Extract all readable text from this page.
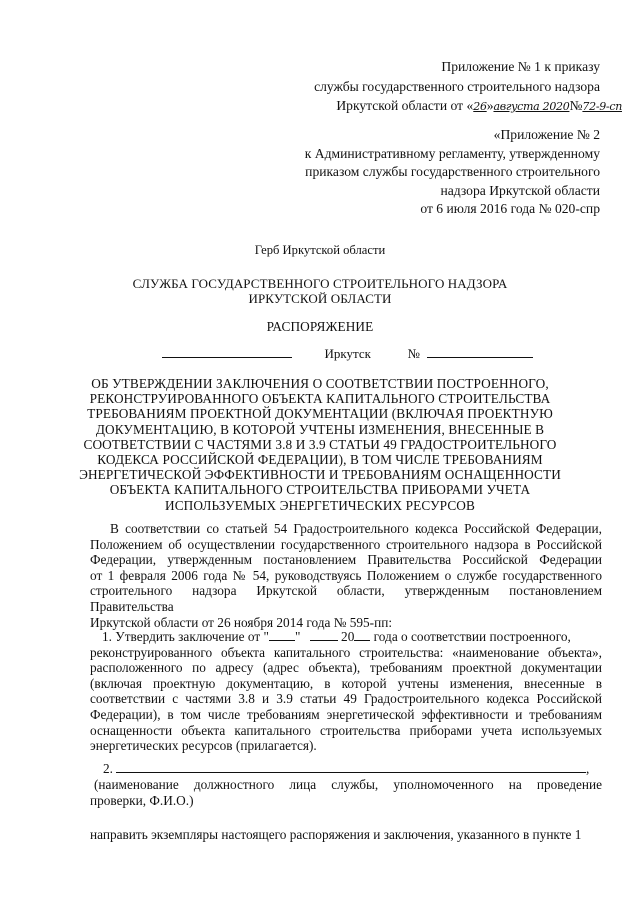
Приложение № 1 к приказу
службы государственного строительного надзора
Иркутской области от «26»августа 2020№72-9-сп
«Приложение № 2
к Административному регламенту, утвержденному
приказом службы государственного строительного
надзора Иркутской области
от 6 июля 2016 года № 020-спр
Герб Иркутской области
СЛУЖБА ГОСУДАРСТВЕННОГО СТРОИТЕЛЬНОГО НАДЗОРА
ИРКУТСКОЙ ОБЛАСТИ
РАСПОРЯЖЕНИЕ
Иркутск	№
ОБ УТВЕРЖДЕНИИ ЗАКЛЮЧЕНИЯ О СООТВЕТСТВИИ ПОСТРОЕННОГО,
РЕКОНСТРУИРОВАННОГО ОБЪЕКТА КАПИТАЛЬНОГО СТРОИТЕЛЬСТВА
ТРЕБОВАНИЯМ ПРОЕКТНОЙ ДОКУМЕНТАЦИИ (ВКЛЮЧАЯ ПРОЕКТНУЮ
ДОКУМЕНТАЦИЮ, В КОТОРОЙ УЧТЕНЫ ИЗМЕНЕНИЯ, ВНЕСЕННЫЕ В
СООТВЕТСТВИИ С ЧАСТЯМИ 3.8 И 3.9 СТАТЬИ 49 ГРАДОСТРОИТЕЛЬНОГО
КОДЕКСА РОССИЙСКОЙ ФЕДЕРАЦИИ), В ТОМ ЧИСЛЕ ТРЕБОВАНИЯМ
ЭНЕРГЕТИЧЕСКОЙ ЭФФЕКТИВНОСТИ И ТРЕБОВАНИЯМ ОСНАЩЕННОСТИ
ОБЪЕКТА КАПИТАЛЬНОГО СТРОИТЕЛЬСТВА ПРИБОРАМИ УЧЕТА
ИСПОЛЬЗУЕМЫХ ЭНЕРГЕТИЧЕСКИХ РЕСУРСОВ
В соответствии со статьей 54 Градостроительного кодекса Российской Федерации,
Положением об осуществлении государственного строительного надзора в Российской
Федерации, утвержденным постановлением Правительства Российской Федерации
от 1 февраля 2006 года № 54, руководствуясь Положением о службе государственного
строительного надзора Иркутской области, утвержденным постановлением Правительства
Иркутской области от 26 ноября 2014 года № 595-пп:
1. Утвердить заключение от " "	20 года о соответствии построенного,
реконструированного объекта капитального строительства: «наименование объекта»,
расположенного по адресу (адрес объекта), требованиям проектной документации
(включая проектную документацию, в которой учтены изменения, внесенные в
соответствии с частями 3.8 и 3.9 статьи 49 Градостроительного кодекса Российской
Федерации), в том числе требованиям энергетической эффективности и требованиям
оснащенности объекта капитального строительства приборами учета используемых
энергетических ресурсов (прилагается).
2.	,
(наименование должностного лица службы, уполномоченного на проведение
проверки, Ф.И.О.)
направить экземпляры настоящего распоряжения и заключения, указанного в пункте 1
